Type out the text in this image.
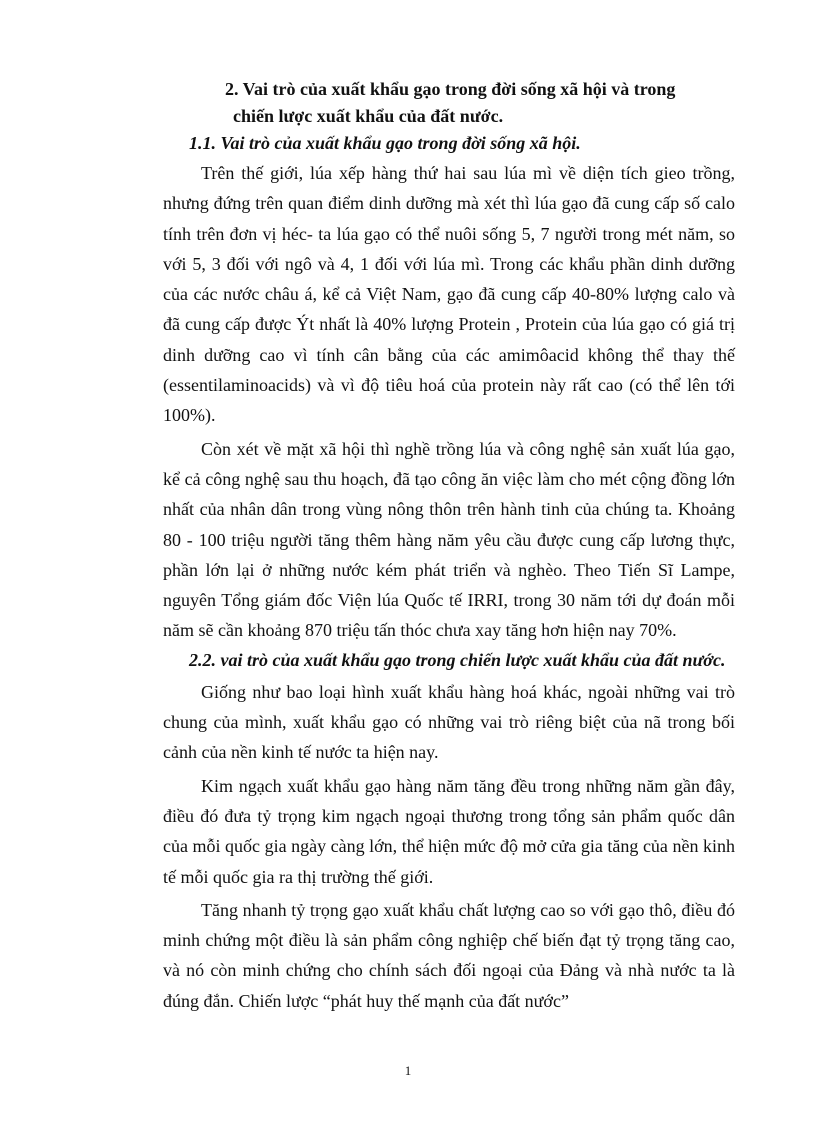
2. Vai trò của xuất khẩu gạo trong đời sống xã hội và trong
chiến lược xuất khẩu của đất nước.
1.1. Vai trò của xuất khẩu gạo trong đời sống xã hội.

Trên thế giới, lúa xếp hàng thứ hai sau lúa mì về diện tích gieo trồng, nhưng đứng trên quan điểm dinh dưỡng mà xét thì lúa gạo đã cung cấp số calo tính trên đơn vị héc- ta lúa gạo có thể nuôi sống 5, 7 người trong mét năm, so với 5, 3 đối với ngô và 4, 1 đối với lúa mì. Trong các khẩu phần dinh dưỡng của các nước châu á, kể cả Việt Nam, gạo đã cung cấp 40-80% lượng calo và đã cung cấp được Ýt nhất là 40% lượng Protein , Protein của lúa gạo có giá trị dinh dưỡng cao vì tính cân bằng của các amimôacid không thể thay thế (essentilaminoacids) và vì độ tiêu hoá của protein này rất cao (có thể lên tới 100%).

Còn xét về mặt xã hội thì nghề trồng lúa và công nghệ sản xuất lúa gạo, kể cả công nghệ sau thu hoạch, đã tạo công ăn việc làm cho mét cộng đồng lớn nhất của nhân dân trong vùng nông thôn trên hành tinh của chúng ta. Khoảng 80 - 100 triệu người tăng thêm hàng năm yêu cầu được cung cấp lương thực, phần lớn lại ở những nước kém phát triển và nghèo. Theo Tiến Sĩ Lampe, nguyên Tổng giám đốc Viện lúa Quốc tế IRRI, trong 30 năm tới dự đoán mỗi năm sẽ cần khoảng 870 triệu tấn thóc chưa xay tăng hơn hiện nay 70%.

2.2. vai trò của xuất khẩu gạo trong chiến lược xuất khẩu của đất nước.

Giống như bao loại hình xuất khẩu hàng hoá khác, ngoài những vai trò chung của mình, xuất khẩu gạo có những vai trò riêng biệt của nã trong bối cảnh của nền kinh tế nước ta hiện nay.

Kim ngạch xuất khẩu gạo hàng năm tăng đều trong những năm gần đây, điều đó đưa tỷ trọng kim ngạch ngoại thương trong tổng sản phẩm quốc dân của mỗi quốc gia ngày càng lớn, thể hiện mức độ mở cửa gia tăng của nền kinh tế mỗi quốc gia ra thị trường thế giới.

Tăng nhanh tỷ trọng gạo xuất khẩu chất lượng cao so với gạo thô, điều đó minh chứng một điều là sản phẩm công nghiệp chế biến đạt tỷ trọng tăng cao, và nó còn minh chứng cho chính sách đối ngoại của Đảng và nhà nước ta là đúng đắn. Chiến lược “phát huy thế mạnh của đất nước”

1
